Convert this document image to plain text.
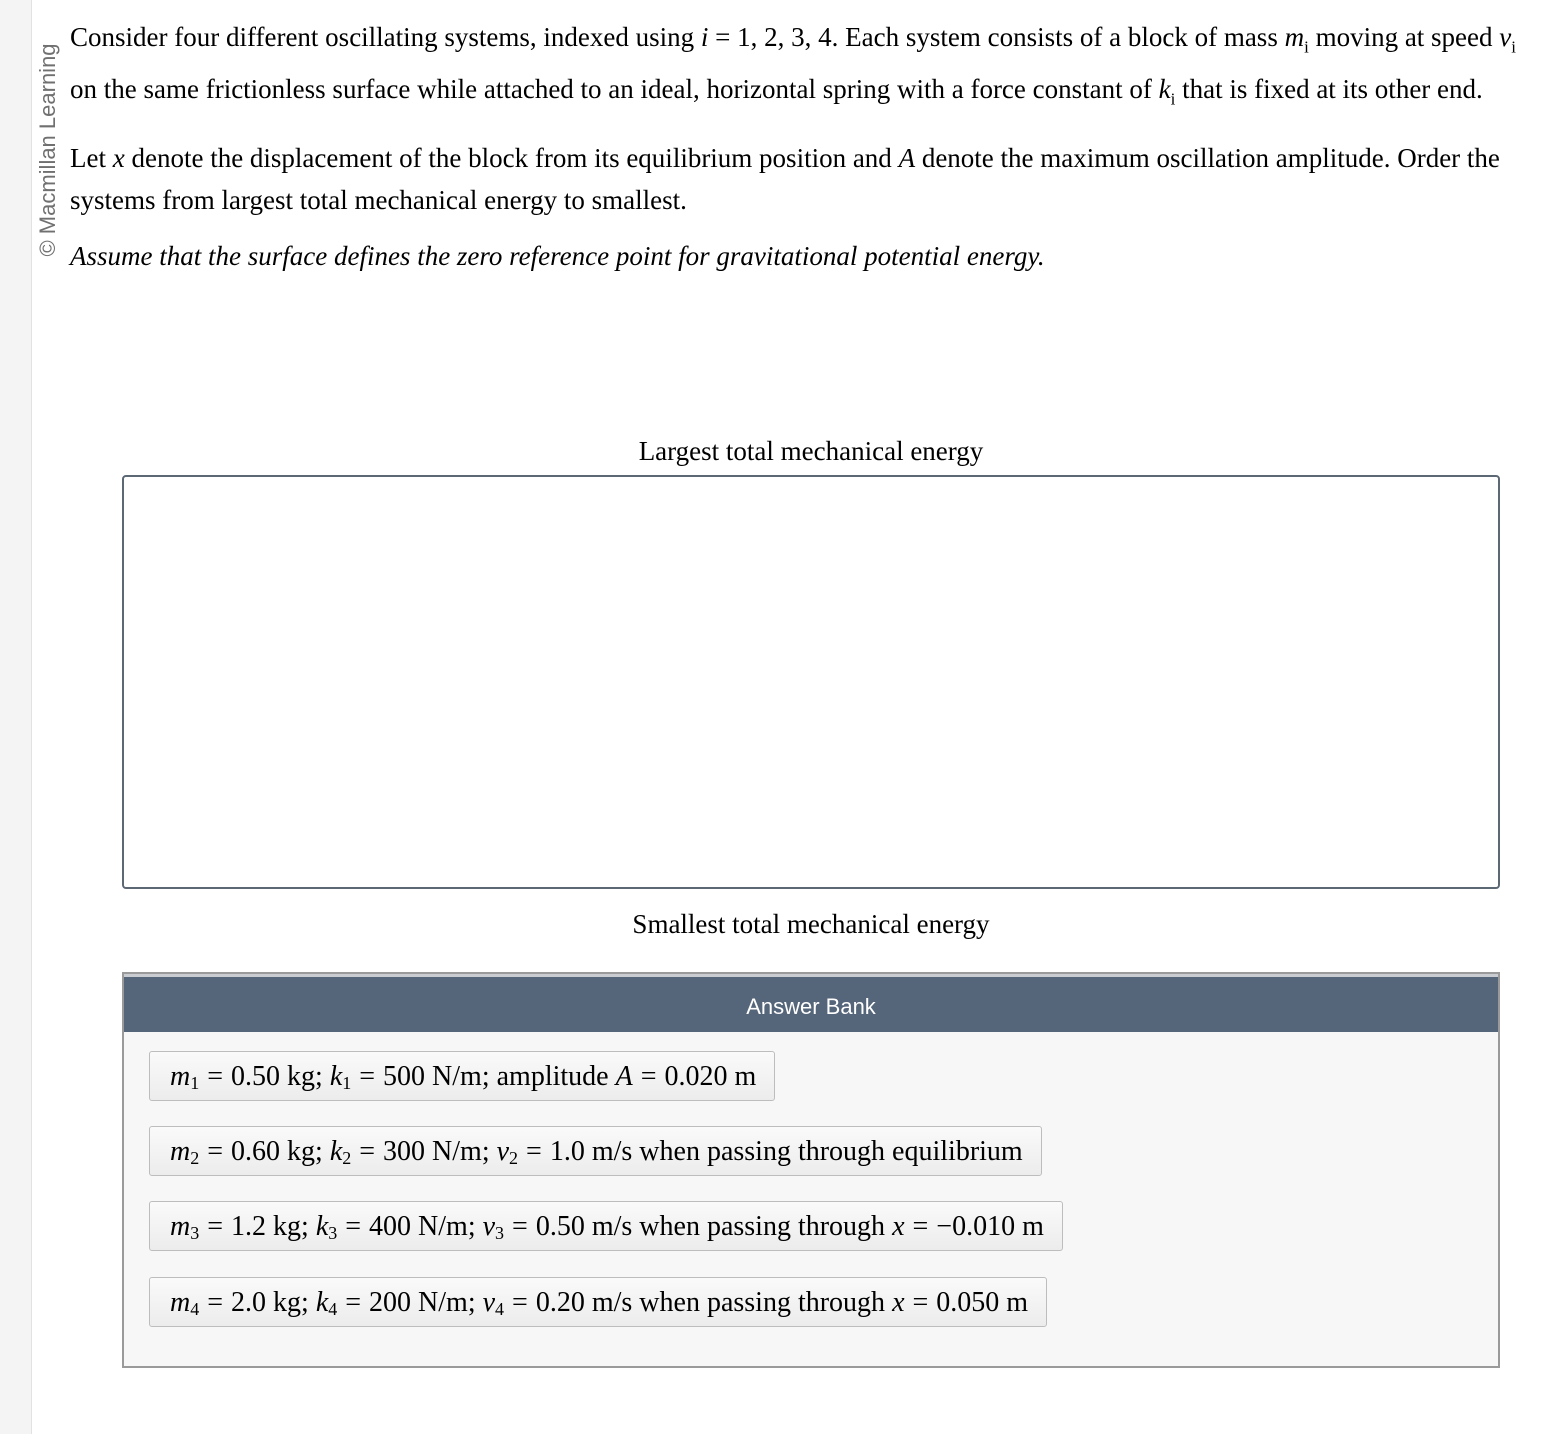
© Macmillan Learning

Consider four different oscillating systems, indexed using i = 1, 2, 3, 4. Each system consists of a block of mass $m_i$ moving at speed $v_i$ on the same frictionless surface while attached to an ideal, horizontal spring with a force constant of $k_i$ that is fixed at its other end.

Let x denote the displacement of the block from its equilibrium position and A denote the maximum oscillation amplitude. Order the systems from largest total mechanical energy to smallest.

Assume that the surface defines the zero reference point for gravitational potential energy.

Largest total mechanical energy
Smallest total mechanical energy
Answer Bank
$m_1 = 0.50$ kg; $k_1 = 500$ N/m; amplitude A = 0.020 m
$m_2 = 0.60$ kg; $k_2 = 300$ N/m; $v_2 = 1.0$ m/s when passing through equilibrium
$m_3 = 1.2$ kg; $k_3 = 400$ N/m; $v_3 = 0.50$ m/s when passing through x = −0.010 m
$m_4 = 2.0$ kg; $k_4 = 200$ N/m; $v_4 = 0.20$ m/s when passing through x = 0.050 m
